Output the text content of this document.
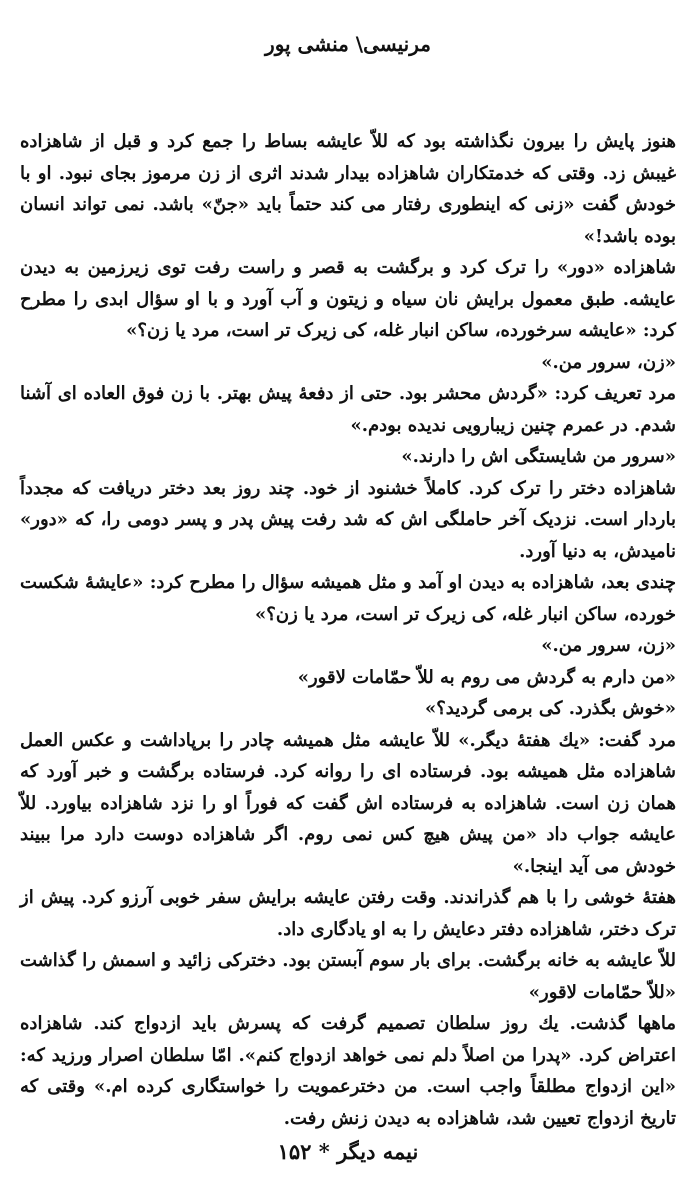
مرنیسی\ منشی پور

هنوز پایش را بیرون نگذاشته بود که للاّ عایشه بساط را جمع کرد و قبل از شاهزاده غیبش زد. وقتی که خدمتکاران شاهزاده بیدار شدند اثری از زن مرموز بجای نبود. او با خودش گفت «زنی که اینطوری رفتار می کند حتماً باید «جنّ» باشد. نمی تواند انسان بوده باشد!»

شاهزاده «دور» را ترک کرد و برگشت به قصر و راست رفت توی زیرزمین به دیدن عایشه. طبق معمول برایش نان سیاه و زیتون و آب آورد و با او سؤال ابدی را مطرح کرد: «عایشه سرخورده، ساکن انبار غله، کی زیرک تر است، مرد یا زن؟»

«زن، سرور من.»

مرد تعریف کرد: «گردش محشر بود. حتی از دفعهٔ پیش بهتر. با زن فوق العاده ای آشنا شدم. در عمرم چنین زیبارویی ندیده بودم.»

«سرور من شایستگی اش را دارند.»

شاهزاده دختر را ترک کرد. کاملاً خشنود از خود. چند روز بعد دختر دریافت که مجدداً باردار است. نزدیک آخر حاملگی اش که شد رفت پیش پدر و پسر دومی را، که «دور» نامیدش، به دنیا آورد.

چندی بعد، شاهزاده به دیدن او آمد و مثل همیشه سؤال را مطرح کرد: «عایشهٔ شکست خورده، ساکن انبار غله، کی زیرک تر است، مرد یا زن؟»

«زن، سرور من.»

«من دارم به گردش می روم به للاّ حمّامات لاقور»

«خوش بگذرد. کی برمی گردید؟»

مرد گفت: «یك هفتهٔ دیگر.» للاّ عایشه مثل همیشه چادر را برپاداشت و عکس العمل شاهزاده مثل همیشه بود. فرستاده ای را روانه کرد. فرستاده برگشت و خبر آورد که همان زن است. شاهزاده به فرستاده اش گفت که فوراً او را نزد شاهزاده بیاورد. للاّ عایشه جواب داد «من پیش هیچ کس نمی روم. اگر شاهزاده دوست دارد مرا ببیند خودش می آید اینجا.»

هفتهٔ خوشی را با هم گذراندند. وقت رفتن عایشه برایش سفر خوبی آرزو کرد. پیش از ترک دختر، شاهزاده دفتر دعایش را به او یادگاری داد.

للاّ عایشه به خانه برگشت. برای بار سوم آبستن بود. دخترکی زائید و اسمش را گذاشت «للاّ حمّامات لاقور»

ماهها گذشت. یك روز سلطان تصمیم گرفت که پسرش باید ازدواج کند. شاهزاده اعتراض کرد. «پدرا من اصلاً دلم نمی خواهد ازدواج کنم». امّا سلطان اصرار ورزید که: «این ازدواج مطلقاً واجب است. من دخترعمویت را خواستگاری کرده ام.» وقتی که تاریخ ازدواج تعیین شد، شاهزاده به دیدن زنش رفت.

نیمه دیگر * ۱۵۲
